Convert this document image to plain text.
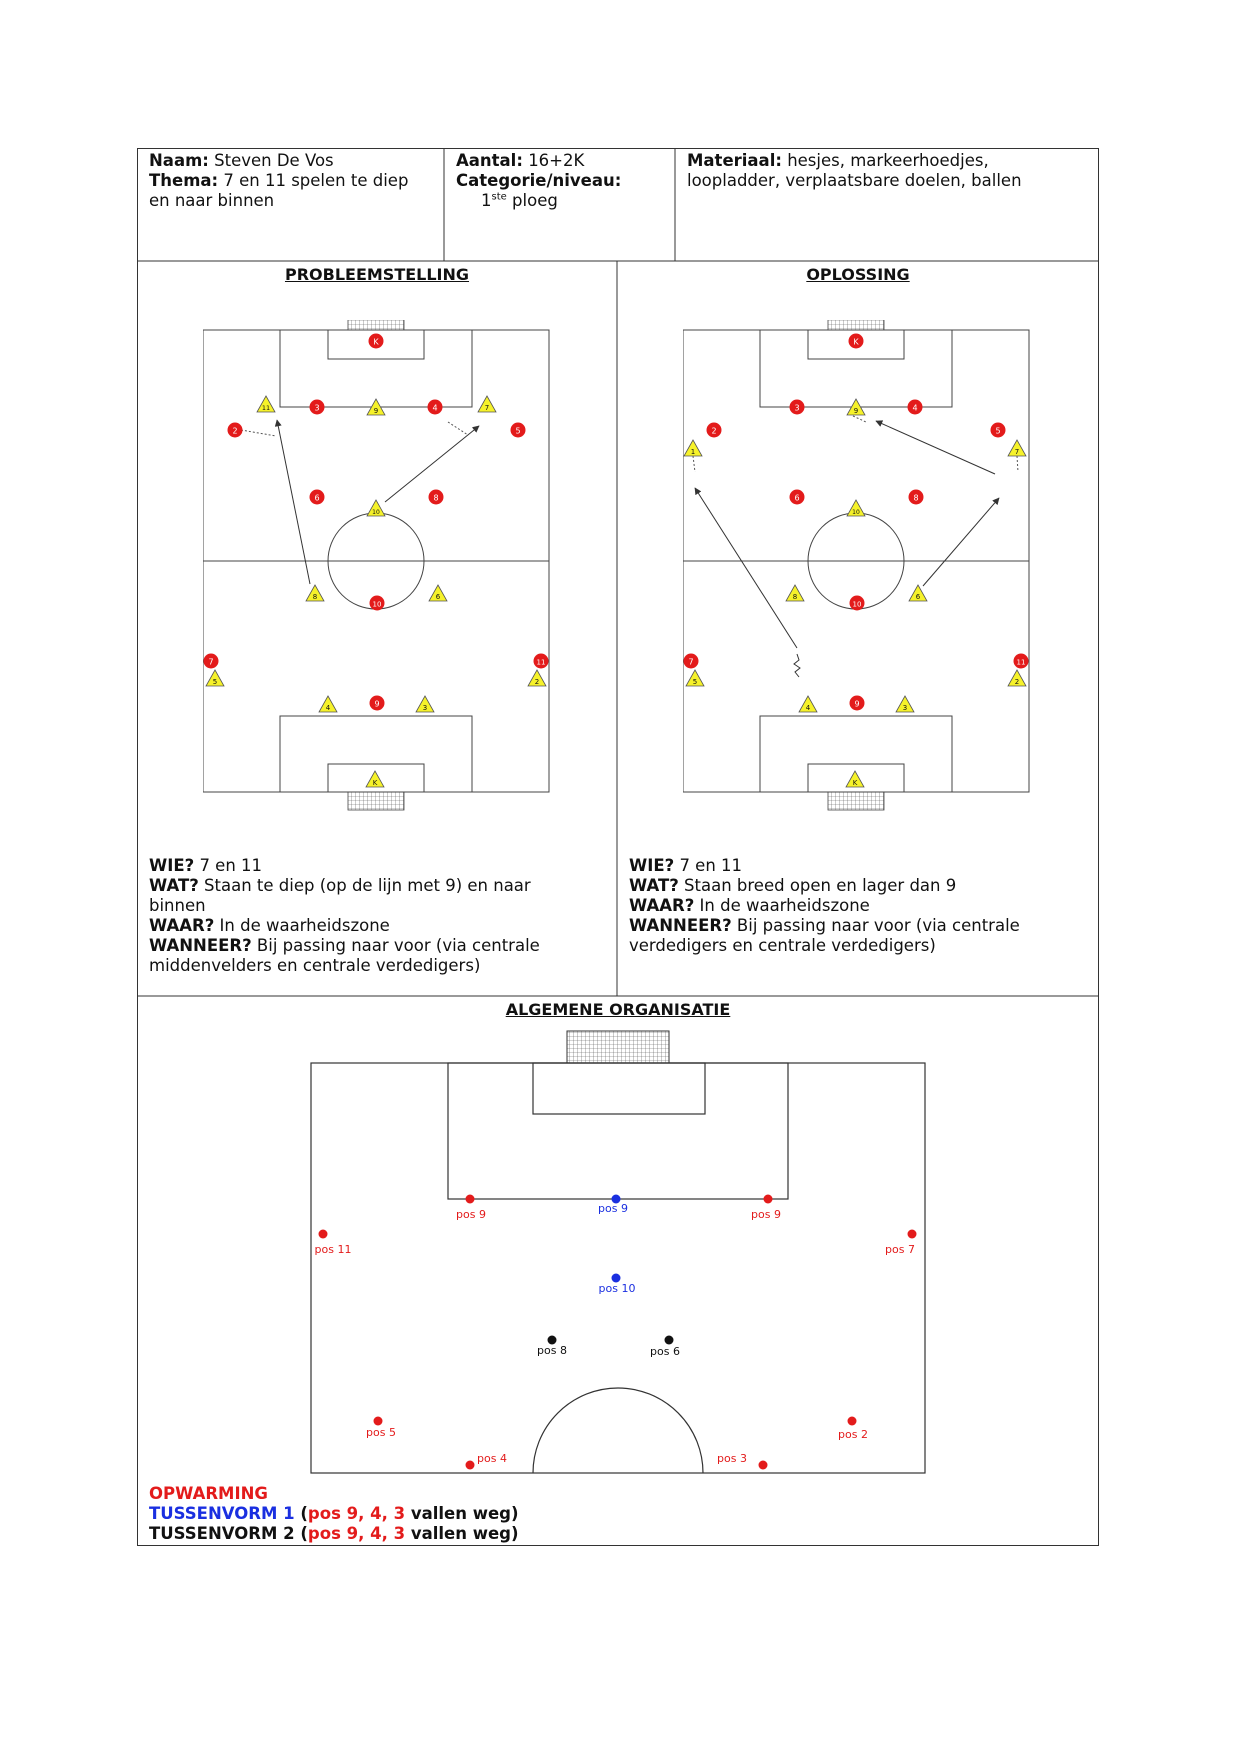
K
3	4
2	5
6	8
10
7	11
9
11	9	7
10
8	6
5	2
4	3
K
K
3	4
2	5
6	8
10
7	11
9
1
9
7
10
8	6
5	2
4	3
K
pos 9	pos 9	pos 9
pos 11	pos 7
pos 10
pos 8	pos 6
pos 5	pos 2
pos 4	pos 3
Naam: Steven De Vos
Thema: 7 en 11 spelen te diep
en naar binnen
Aantal: 16+2K
Categorie/niveau:
1ste ploeg
Materiaal: hesjes, markeerhoedjes,
loopladder, verplaatsbare doelen, ballen
PROBLEEMSTELLING	OPLOSSING
WIE? 7 en 11
WAT? Staan te diep (op de lijn met 9) en naar
binnen
WAAR? In de waarheidszone
WANNEER? Bij passing naar voor (via centrale
middenvelders en centrale verdedigers)
WIE? 7 en 11
WAT? Staan breed open en lager dan 9
WAAR? In de waarheidszone
WANNEER? Bij passing naar voor (via centrale
verdedigers en centrale verdedigers)
ALGEMENE ORGANISATIE
OPWARMING
TUSSENVORM 1 (pos 9, 4, 3 vallen weg)
TUSSENVORM 2 (pos 9, 4, 3 vallen weg)
